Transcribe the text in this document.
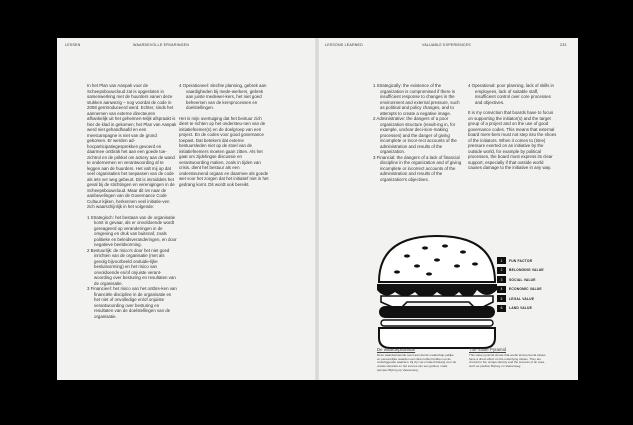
LESSEN	WAARDEVOLLE ERVARINGEN

In het Plan van Aanpak voor de Scheepsbouwcloud zat is opgesloten in samenwerking met de huurders vanen deze stukken aanwezig – nog voordat de code in 2008 geïntroduceerd werd. Echter, sinds het aannemen van externe directeuren afhankelijk uit het geheimen-telijk afspraakt is hier de klad in gekomen; het Plan van Aanpak werd niet gehandhaafd en een meetcampagne is niet van de grond gekomen. Er werden ad-hocparticipatiegesprekken gevoerd en daarmee ontbrak het aan een goede toe-zichtrol en de prikkel om actiery aan de wand te ondernemen en verantwoording af te leggen aan de huurders. Het valt mij op dat veel organisaties het toepassen van de code als iets ver weg gebeurt. Dit is immiddels het geval bij de stichtingen en verenigingen in de Scheepsbouwcloud. Maar dit ivs naar de aanbevelingen van de Governance Code Cultuur kijken, herkennen veel initiatie-ven zich waarschijnlijk in het volgende:

1 Strategisch: het bestaan van de organisatie komt in gevaar, als er onvoldoende wordt gereageerd op veranderingen in de omgeving en druk van buitenaf, zoals politieke en beleidsveranderingen, en door negatieve beeldvorming.
2 Bestuurlijk: de risico's door het niet goed inrichten van de organisatie (met als gevolg bijvoorbeeld onduide-lijke besluitvorming) en het risico van onvoldoende en/of onjuiste verant-woording over besturing en resultaten van de organisatie.
3 Financieel: het risico van het ontbre-ken van financiële discipline in de organisatie en het niet of onvolledige en/of onjuiste verantwoording over besturing en resultaten van de doelstellingen van de organisatie.
4 Operationeel: slechte planning, gebrek aan vaardigheden bij mede-werkers, gebrek aan juiste medewer-kers, het niet goed beheersen van de kernprocessen en doelstellingen.

Het is mijn overtuiging dat het bestuur zich dient te richten op het ondersteu-nen van de initiatiefnemer(s) en de doelgroep van een project. En de codes voor good governance toepast. Dat betekent dat externe bestuursleden niet op de stoel van de initiatiefnemers moeten gaan zitten. Als het gaat om zijdelingse discussie en verantwoording maken, zoals in tijden van crisis, dient het bestuur als een ondersteunend orgaan en daarmee als goede wet voor het zorgen dat het initiatief niet in het gedrang komt. Dit wordt ook bereikt.

LESSONS LEARNED	VALUABLE EXPERIENCES	233
1 Strategically: the existence of the organization is compromised if there is insufficient response to changes in the environment and external pressure, such as political and policy changes, and to attempts to create a negative image.
2 Administrative: the dangers of a poor organization structure (result-ing in, for example, unclear deci-sion-making processes) and the danger of giving incomplete or incor-rect accounts of the administration and results of the organization.
3 Financial: the dangers of a lack of financial discipline in the organization and of giving incomplete or incorrect accounts of the administration and results of the organization's objectives.
4 Operational: poor planning, lack of skills in employees, lack of suitable staff, insufficient control over core processes and objectives.

It is my conviction that boards have to focus on supporting the initiator(s) and the target group of a project and on the use of good governance codes. This means that external board mem-bers must not step into the shoes of the initiators. When it comes to (time) pressure exerted on an initiative by the outside world, for example by political processes, the board must express its clear support, especially if that outside world causes damage to the initiative in any way.

1	FUN FACTOR
2	BELONGING VALUE
3	SOCIAL VALUE
4	ECONOMIC VALUE
5	LEGAL VALUE
6	LAND VALUE
De waardepiramide
Deze waardepiramide toont aan dat de maatschap-pelijke en persoonlijke waarden een direct effect hebben op de onderliggende waarden. Zij zijn ver-minderd belang voor de unieke identiteit en het succes van een gebied, zoals pampus Bijzorg op Vaarenweg.
The Value Pyramid
This value pyramid shows that social and personal values have a direct effect on the underlying values. They are crucial for the unique identity and the success of an area, such as pavilion Bijzorg on Vaarenweg.
